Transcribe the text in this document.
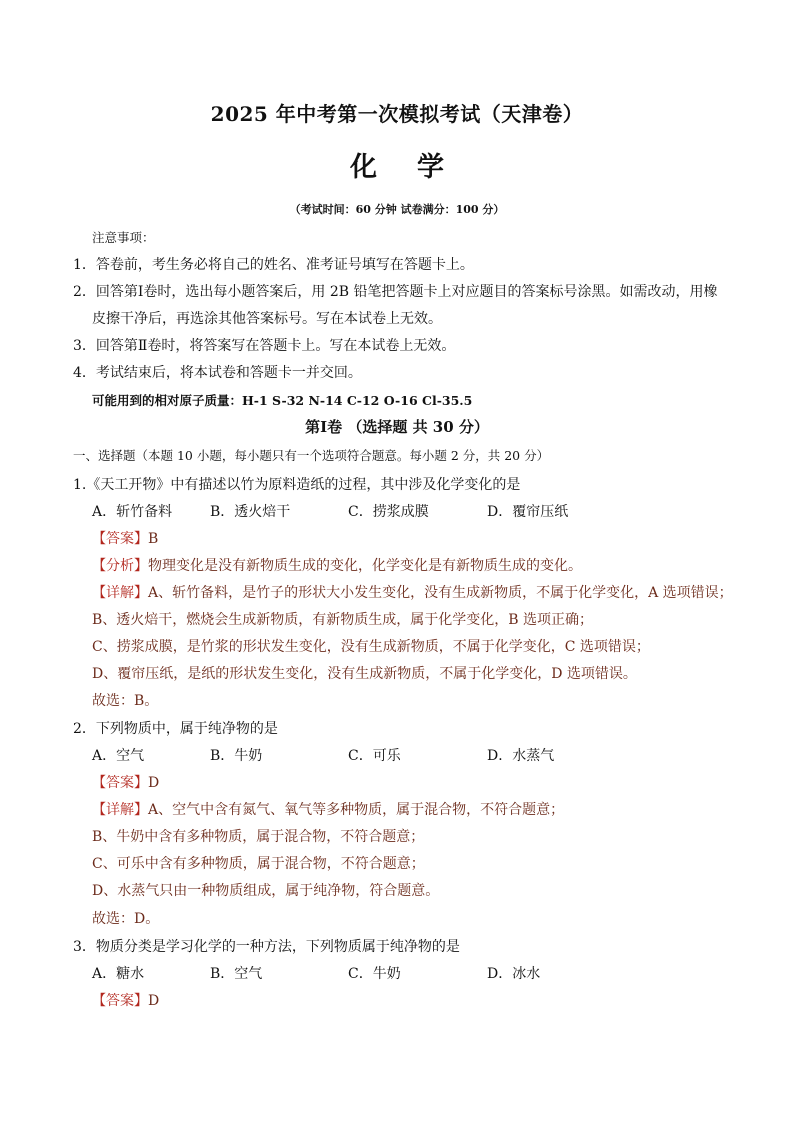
2025 年中考第一次模拟考试（天津卷）
化学
（考试时间：60 分钟 试卷满分：100 分）
注意事项：
1．答卷前，考生务必将自己的姓名、准考证号填写在答题卡上。
2．回答第Ⅰ卷时，选出每小题答案后，用 2B 铅笔把答题卡上对应题目的答案标号涂黑。如需改动，用橡
皮擦干净后，再选涂其他答案标号。写在本试卷上无效。
3．回答第Ⅱ卷时，将答案写在答题卡上。写在本试卷上无效。
4．考试结束后，将本试卷和答题卡一并交回。
可能用到的相对原子质量：H-1 S-32 N-14 C-12 O-16 Cl-35.5
第Ⅰ卷 （选择题 共 30 分）
一、选择题（本题 10 小题，每小题只有一个选项符合题意。每小题 2 分，共 20 分）
1.《天工开物》中有描述以竹为原料造纸的过程，其中涉及化学变化的是
A．斩竹备料	B．透火焙干	C．捞浆成膜	D．覆帘压纸
【答案】B
【分析】物理变化是没有新物质生成的变化，化学变化是有新物质生成的变化。
【详解】A、斩竹备料，是竹子的形状大小发生变化，没有生成新物质，不属于化学变化，A 选项错误；
B、透火焙干，燃烧会生成新物质，有新物质生成，属于化学变化，B 选项正确；
C、捞浆成膜，是竹浆的形状发生变化，没有生成新物质，不属于化学变化，C 选项错误；
D、覆帘压纸，是纸的形状发生变化，没有生成新物质，不属于化学变化，D 选项错误。
故选：B。
2．下列物质中，属于纯净物的是
A．空气	B．牛奶	C．可乐	D．水蒸气
【答案】D
【详解】A、空气中含有氮气、氧气等多种物质，属于混合物，不符合题意；
B、牛奶中含有多种物质，属于混合物，不符合题意；
C、可乐中含有多种物质，属于混合物，不符合题意；
D、水蒸气只由一种物质组成，属于纯净物，符合题意。
故选：D。
3．物质分类是学习化学的一种方法，下列物质属于纯净物的是
A．糖水	B．空气	C．牛奶	D．冰水
【答案】D
